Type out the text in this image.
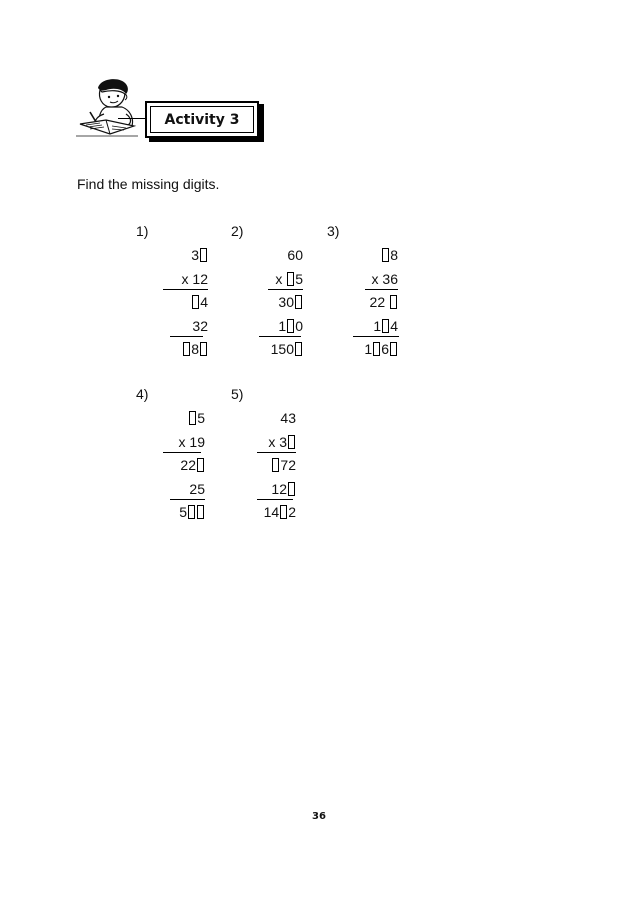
Activity 3
Find the missing digits.
1)
3
x 12
4
32
8
2)
60
x 5
30
1 0
150
3)
8
x 36
22
1 4
1 6
4)
5
x 19
22
25
5
5)
43
x 3
72
12
14 2
36
